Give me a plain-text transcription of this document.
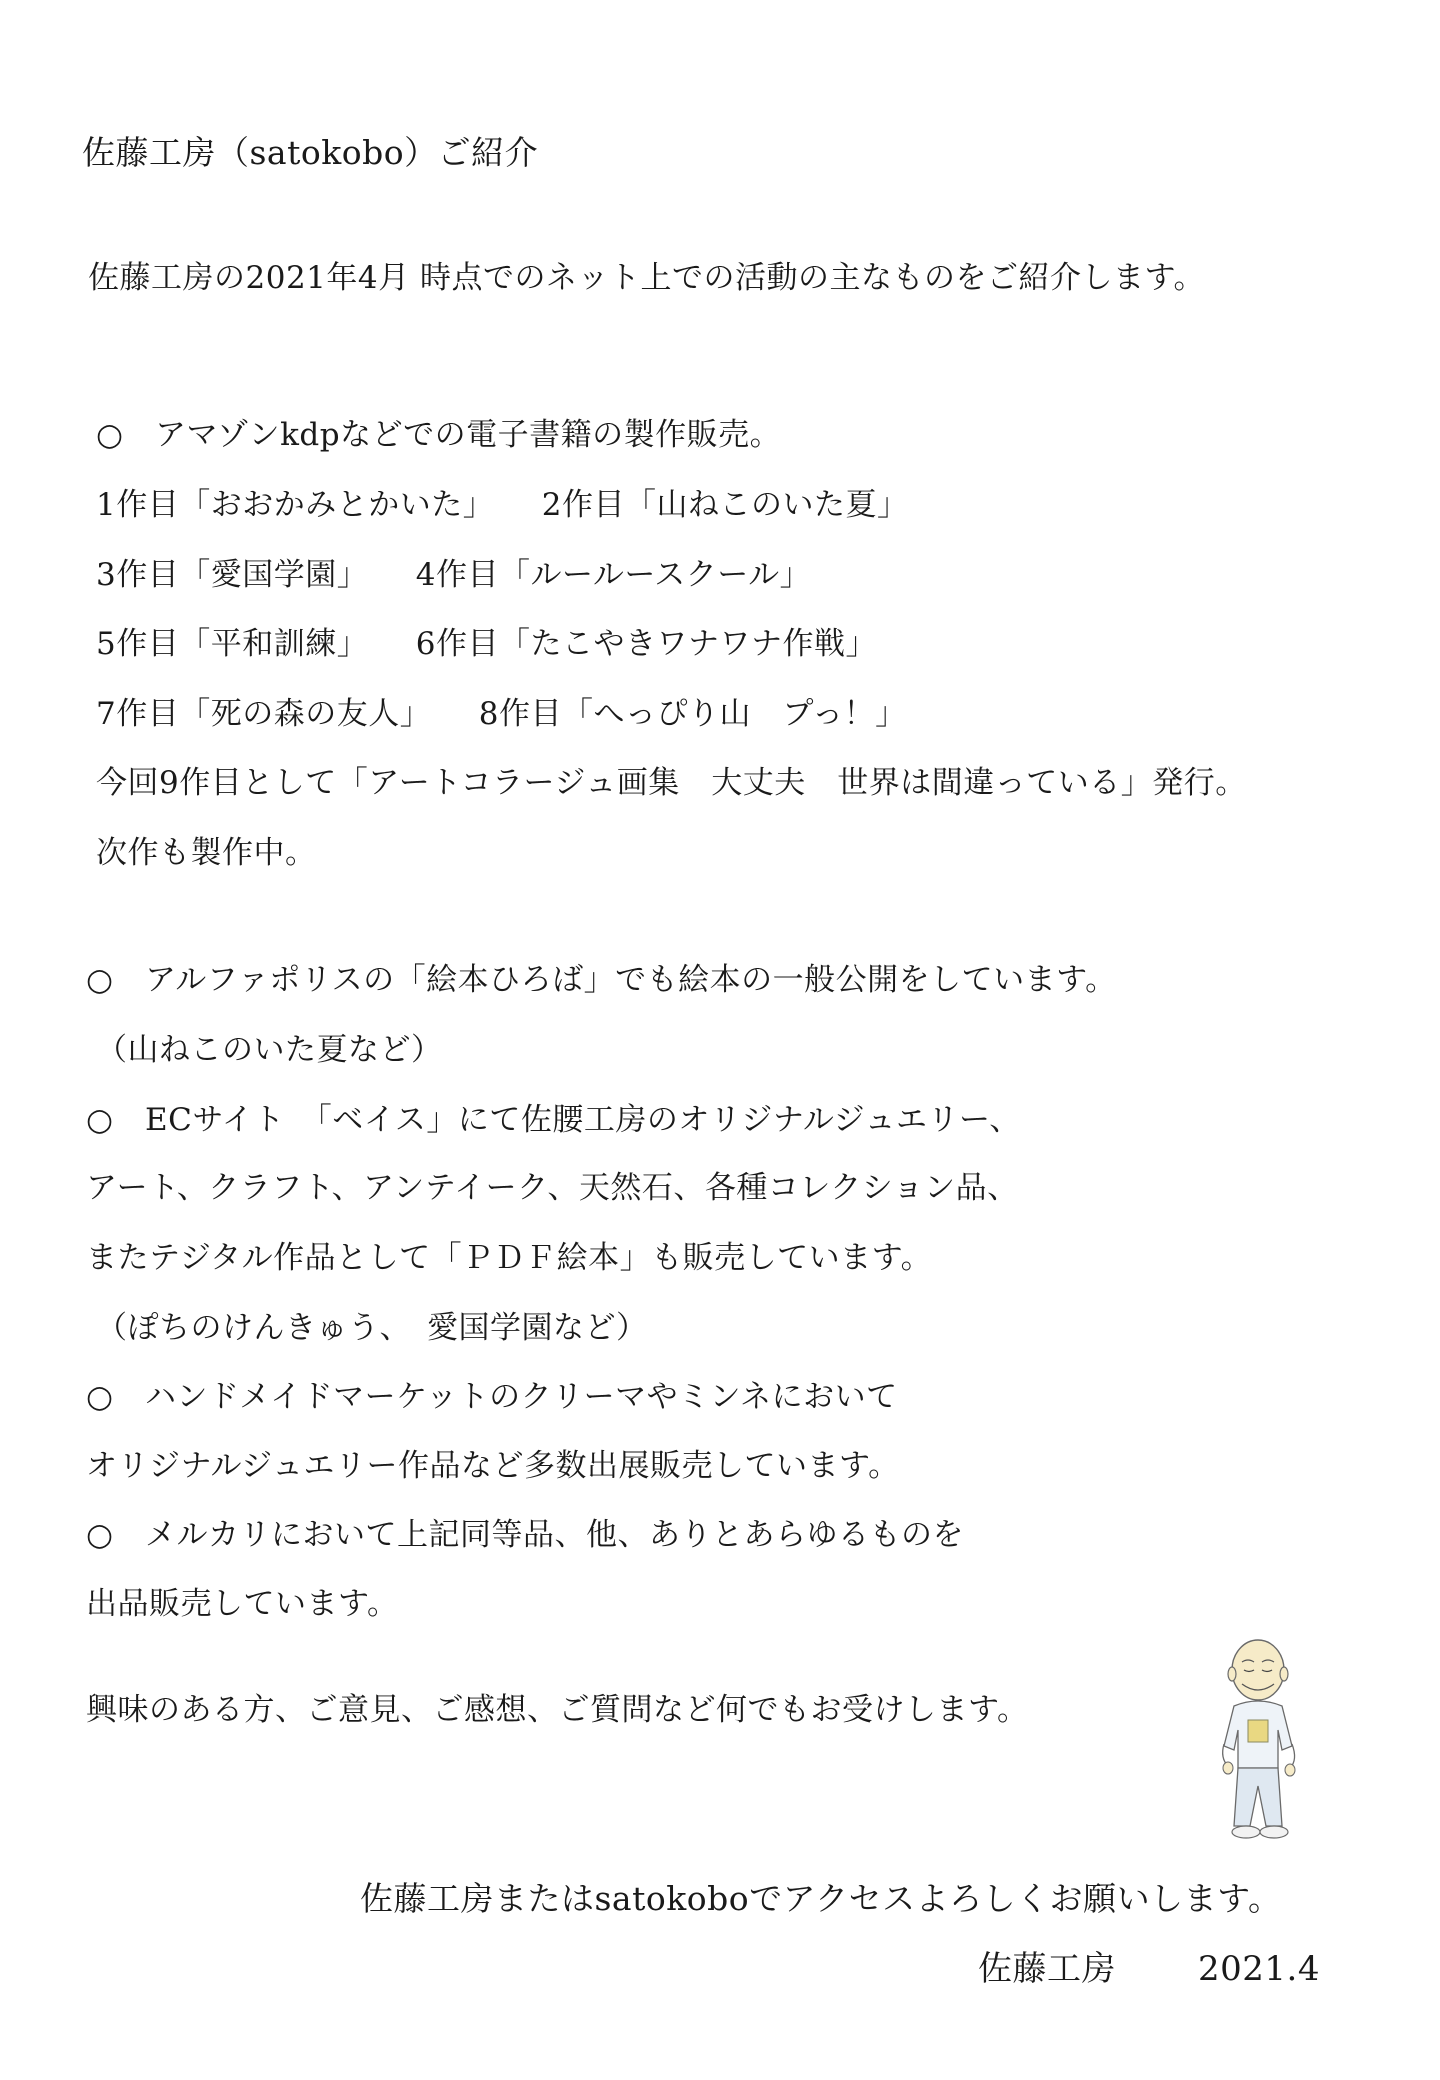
佐藤工房（satokobo）ご紹介
佐藤工房の2021年4月 時点でのネット上での活動の主なものをご紹介します。
○　アマゾンkdpなどでの電子書籍の製作販売。
1作目「おおかみとかいた」　　2作目「山ねこのいた夏」
3作目「愛国学園」　　4作目「ルールースクール」
5作目「平和訓練」　　6作目「たこやきワナワナ作戦」
7作目「死の森の友人」　　8作目「へっぴり山　プっ！」
今回9作目として「アートコラージュ画集　大丈夫　世界は間違っている」発行。
次作も製作中。
○　アルファポリスの「絵本ひろば」でも絵本の一般公開をしています。
（山ねこのいた夏など）
○　ECサイト　「ベイス」にて佐腰工房のオリジナルジュエリー、
アート、クラフト、アンテイーク、天然石、各種コレクション品、
またテジタル作品として「ＰＤＦ絵本」も販売しています。
（ぽちのけんきゅう、　愛国学園など）
○　ハンドメイドマーケットのクリーマやミンネにおいて
オリジナルジュエリー作品など多数出展販売しています。
○　メルカリにおいて上記同等品、他、ありとあらゆるものを
出品販売しています。
興味のある方、ご意見、ご感想、ご質問など何でもお受けします。
佐藤工房またはsatokoboでアクセスよろしくお願いします。
佐藤工房 2021.4
